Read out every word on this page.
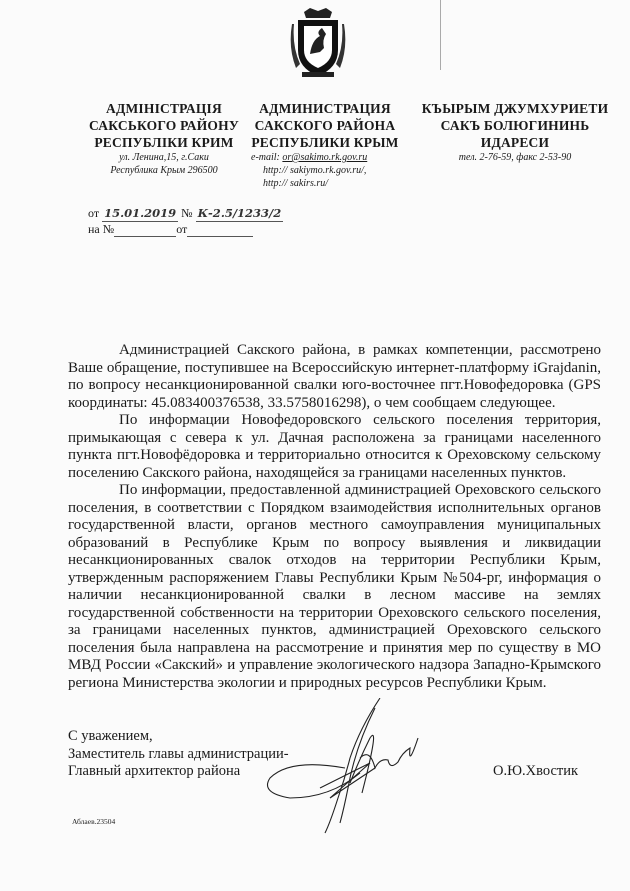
АДМІНІСТРАЦІЯ
САКСЬКОГО РАЙОНУ
РЕСПУБЛІКИ КРИМ
ул. Ленина,15, г.Саки
Республика Крым 296500
АДМИНИСТРАЦИЯ
САКСКОГО РАЙОНА
РЕСПУБЛИКИ КРЫМ
e-mail: or@sakimo.rk.gov.ru
http:// sakiymo.rk.gov.ru/,
http:// sakirs.ru/
КЪЫРЫМ ДЖУМХУРИЕТИ
САКЪ БОЛЮГИНИНЬ
ИДАРЕСИ
тел. 2-76-59, факс 2-53-90
от 15.01.2019 № К-2.5/1233/2
на №	от

Администрацией Сакского района, в рамках компетенции, рассмотрено Ваше обращение, поступившее на Всероссийскую интернет-платформу iGrajdanin, по вопросу несанкционированной свалки юго-восточнее пгт.Новофедоровка (GPS координаты: 45.083400376538, 33.5758016298), о чем сообщаем следующее.

По информации Новофедоровского сельского поселения территория, примыкающая с севера к ул. Дачная расположена за границами населенного пункта пгт.Новофёдоровка и территориально относится к Ореховскому сельскому поселению Сакского района, находящейся за границами населенных пунктов.

По информации, предоставленной администрацией Ореховского сельского поселения, в соответствии с Порядком взаимодействия исполнительных органов государственной власти, органов местного самоуправления муниципальных образований в Республике Крым по вопросу выявления и ликвидации несанкционированных свалок отходов на территории Республики Крым, утвержденным распоряжением Главы Республики Крым №504-рг, информация о наличии несанкционированной свалки в лесном массиве на землях государственной собственности на территории Ореховского сельского поселения, за границами населенных пунктов, администрацией Ореховского сельского поселения была направлена на рассмотрение и принятия мер по существу в МО МВД России «Сакский» и управление экологического надзора Западно-Крымского региона Министерства экологии и природных ресурсов Республики Крым.

С уважением,
Заместитель главы администрации-
Главный архитектор района	О.Ю.Хвостик
Аблаев.23504
